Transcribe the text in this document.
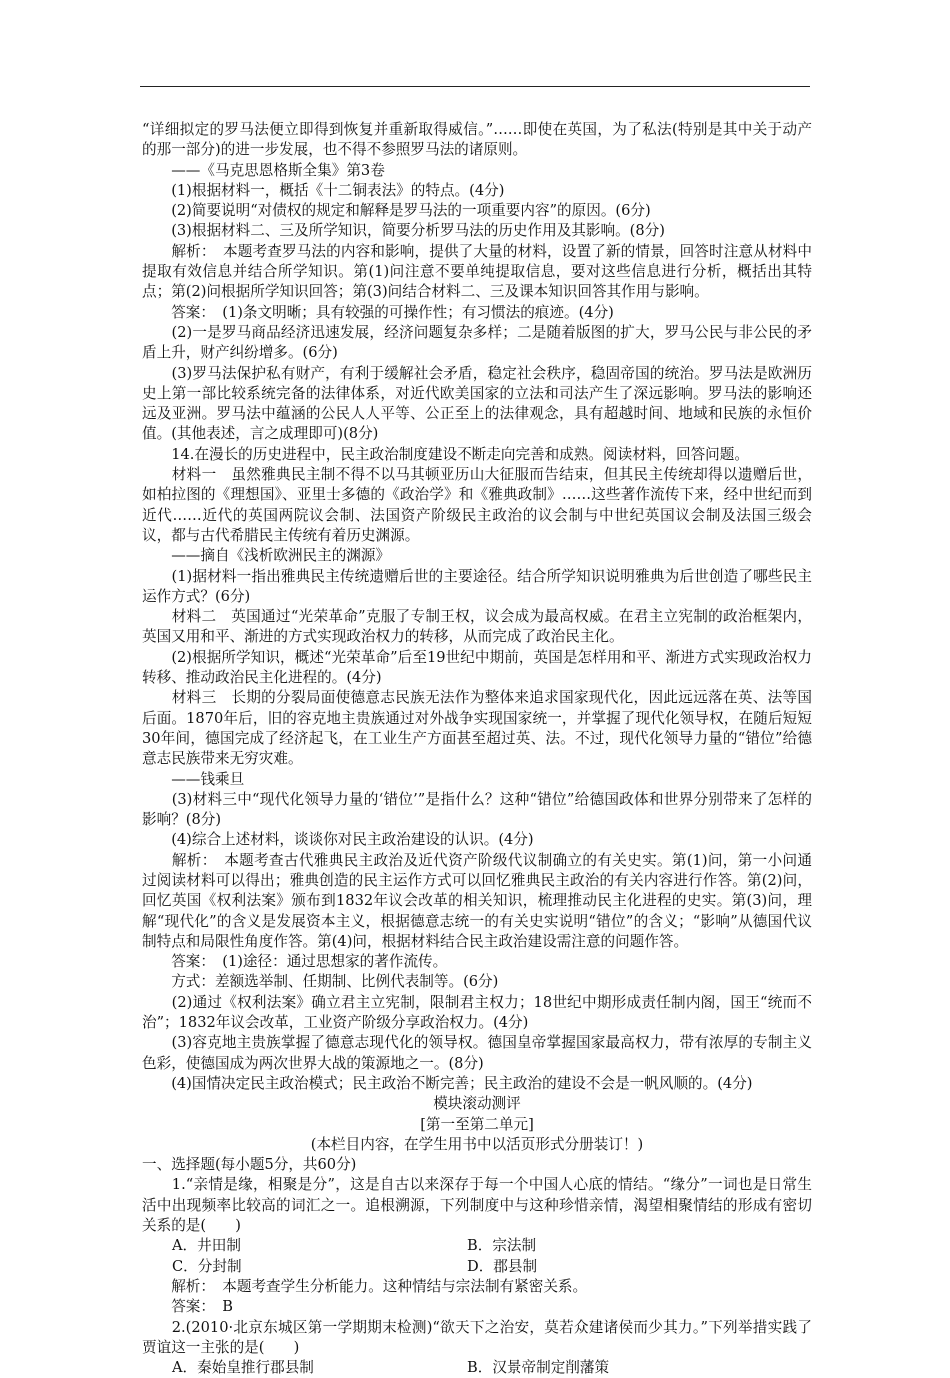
“详细拟定的罗马法便立即得到恢复并重新取得威信。”……即使在英国，为了私法(特别是其中关于动产的那一部分)的进一步发展，也不得不参照罗马法的诸原则。

　　——《马克思恩格斯全集》第3卷

　　(1)根据材料一，概括《十二铜表法》的特点。(4分)

　　(2)简要说明“对债权的规定和解释是罗马法的一项重要内容”的原因。(6分)

　　(3)根据材料二、三及所学知识，简要分析罗马法的历史作用及其影响。(8分)

　　解析：　本题考查罗马法的内容和影响，提供了大量的材料，设置了新的情景，回答时注意从材料中提取有效信息并结合所学知识。第(1)问注意不要单纯提取信息，要对这些信息进行分析，概括出其特点；第(2)问根据所学知识回答；第(3)问结合材料二、三及课本知识回答其作用与影响。

　　答案：　(1)条文明晰；具有较强的可操作性；有习惯法的痕迹。(4分)

　　(2)一是罗马商品经济迅速发展，经济问题复杂多样；二是随着版图的扩大，罗马公民与非公民的矛盾上升，财产纠纷增多。(6分)

　　(3)罗马法保护私有财产，有利于缓解社会矛盾，稳定社会秩序，稳固帝国的统治。罗马法是欧洲历史上第一部比较系统完备的法律体系，对近代欧美国家的立法和司法产生了深远影响。罗马法的影响还远及亚洲。罗马法中蕴涵的公民人人平等、公正至上的法律观念，具有超越时间、地域和民族的永恒价值。(其他表述，言之成理即可)(8分)

　　14.在漫长的历史进程中，民主政治制度建设不断走向完善和成熟。阅读材料，回答问题。

　　材料一　虽然雅典民主制不得不以马其顿亚历山大征服而告结束，但其民主传统却得以遗赠后世，如柏拉图的《理想国》、亚里士多德的《政治学》和《雅典政制》……这些著作流传下来，经中世纪而到近代……近代的英国两院议会制、法国资产阶级民主政治的议会制与中世纪英国议会制及法国三级会议，都与古代希腊民主传统有着历史渊源。

　　——摘自《浅析欧洲民主的渊源》

　　(1)据材料一指出雅典民主传统遗赠后世的主要途径。结合所学知识说明雅典为后世创造了哪些民主运作方式？(6分)

　　材料二　英国通过“光荣革命”克服了专制王权，议会成为最高权威。在君主立宪制的政治框架内，英国又用和平、渐进的方式实现政治权力的转移，从而完成了政治民主化。

　　(2)根据所学知识，概述“光荣革命”后至19世纪中期前，英国是怎样用和平、渐进方式实现政治权力转移、推动政治民主化进程的。(4分)

　　材料三　长期的分裂局面使德意志民族无法作为整体来追求国家现代化，因此远远落在英、法等国后面。1870年后，旧的容克地主贵族通过对外战争实现国家统一，并掌握了现代化领导权，在随后短短30年间，德国完成了经济起飞，在工业生产方面甚至超过英、法。不过，现代化领导力量的“错位”给德意志民族带来无穷灾难。

　　——钱乘旦

　　(3)材料三中“现代化领导力量的‘错位’”是指什么？这种“错位”给德国政体和世界分别带来了怎样的影响？(8分)

　　(4)综合上述材料，谈谈你对民主政治建设的认识。(4分)

　　解析：　本题考查古代雅典民主政治及近代资产阶级代议制确立的有关史实。第(1)问，第一小问通过阅读材料可以得出；雅典创造的民主运作方式可以回忆雅典民主政治的有关内容进行作答。第(2)问，回忆英国《权利法案》颁布到1832年议会改革的相关知识，梳理推动民主化进程的史实。第(3)问，理解“现代化”的含义是发展资本主义，根据德意志统一的有关史实说明“错位”的含义；“影响”从德国代议制特点和局限性角度作答。第(4)问，根据材料结合民主政治建设需注意的问题作答。

　　答案：　(1)途径：通过思想家的著作流传。

　　方式：差额选举制、任期制、比例代表制等。(6分)

　　(2)通过《权利法案》确立君主立宪制，限制君主权力；18世纪中期形成责任制内阁，国王“统而不治”；1832年议会改革，工业资产阶级分享政治权力。(4分)

　　(3)容克地主贵族掌握了德意志现代化的领导权。德国皇帝掌握国家最高权力，带有浓厚的专制主义色彩，使德国成为两次世界大战的策源地之一。(8分)

　　(4)国情决定民主政治模式；民主政治不断完善；民主政治的建设不会是一帆风顺的。(4分)

模块滚动测评

[第一至第二单元]

(本栏目内容，在学生用书中以活页形式分册装订！)

一、选择题(每小题5分，共60分)

　　1.“亲情是缘，相聚是分”，这是自古以来深存于每一个中国人心底的情结。“缘分”一词也是日常生活中出现频率比较高的词汇之一。追根溯源，下列制度中与这种珍惜亲情，渴望相聚情结的形成有密切关系的是(　　)

A．井田制	B．宗法制
C．分封制	D．郡县制

　　解析：　本题考查学生分析能力。这种情结与宗法制有紧密关系。

　　答案：　B

　　2.(2010·北京东城区第一学期期末检测)“欲天下之治安，莫若众建诸侯而少其力。”下列举措实践了贾谊这一主张的是(　　)

A．秦始皇推行郡县制	B．汉景帝制定削藩策
